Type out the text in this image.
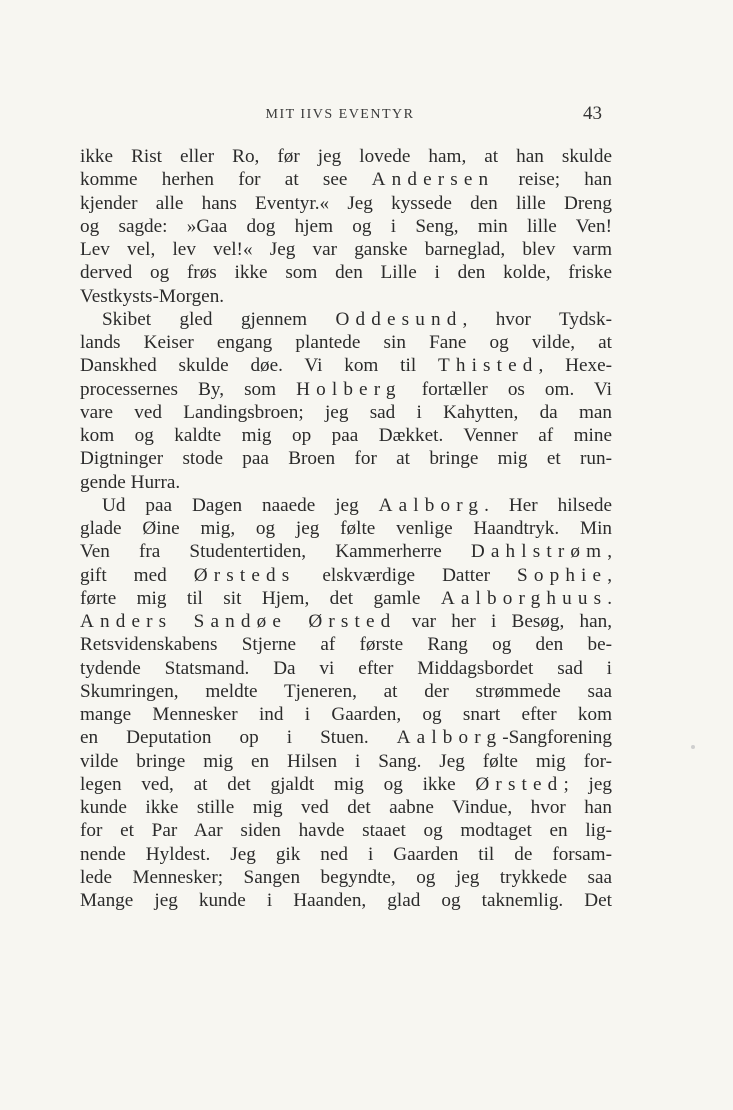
MIT IIVS EVENTYR	43
ikke Rist eller Ro, før jeg lovede ham, at han skulde
komme herhen for at see Andersen reise; han
kjender alle hans Eventyr.« Jeg kyssede den lille Dreng
og sagde: »Gaa dog hjem og i Seng, min lille Ven!
Lev vel, lev vel!« Jeg var ganske barneglad, blev varm
derved og frøs ikke som den Lille i den kolde, friske
Vestkysts-Morgen.
Skibet gled gjennem Oddesund, hvor Tydsk-
lands Keiser engang plantede sin Fane og vilde, at
Danskhed skulde døe. Vi kom til Thisted, Hexe-
processernes By, som Holberg fortæller os om. Vi
vare ved Landingsbroen; jeg sad i Kahytten, da man
kom og kaldte mig op paa Dækket. Venner af mine
Digtninger stode paa Broen for at bringe mig et run-
gende Hurra.
Ud paa Dagen naaede jeg Aalborg. Her hilsede
glade Øine mig, og jeg følte venlige Haandtryk. Min
Ven fra Studentertiden, Kammerherre Dahlstrøm,
gift med Ørsteds elskværdige Datter Sophie,
førte mig til sit Hjem, det gamle Aalborghuus.
Anders Sandøe Ørsted var her i Besøg, han,
Retsvidenskabens Stjerne af første Rang og den be-
tydende Statsmand. Da vi efter Middagsbordet sad i
Skumringen, meldte Tjeneren, at der strømmede saa
mange Mennesker ind i Gaarden, og snart efter kom
en Deputation op i Stuen. Aalborg-Sangforening
vilde bringe mig en Hilsen i Sang. Jeg følte mig for-
legen ved, at det gjaldt mig og ikke Ørsted; jeg
kunde ikke stille mig ved det aabne Vindue, hvor han
for et Par Aar siden havde staaet og modtaget en lig-
nende Hyldest. Jeg gik ned i Gaarden til de forsam-
lede Mennesker; Sangen begyndte, og jeg trykkede saa
Mange jeg kunde i Haanden, glad og taknemlig. Det
